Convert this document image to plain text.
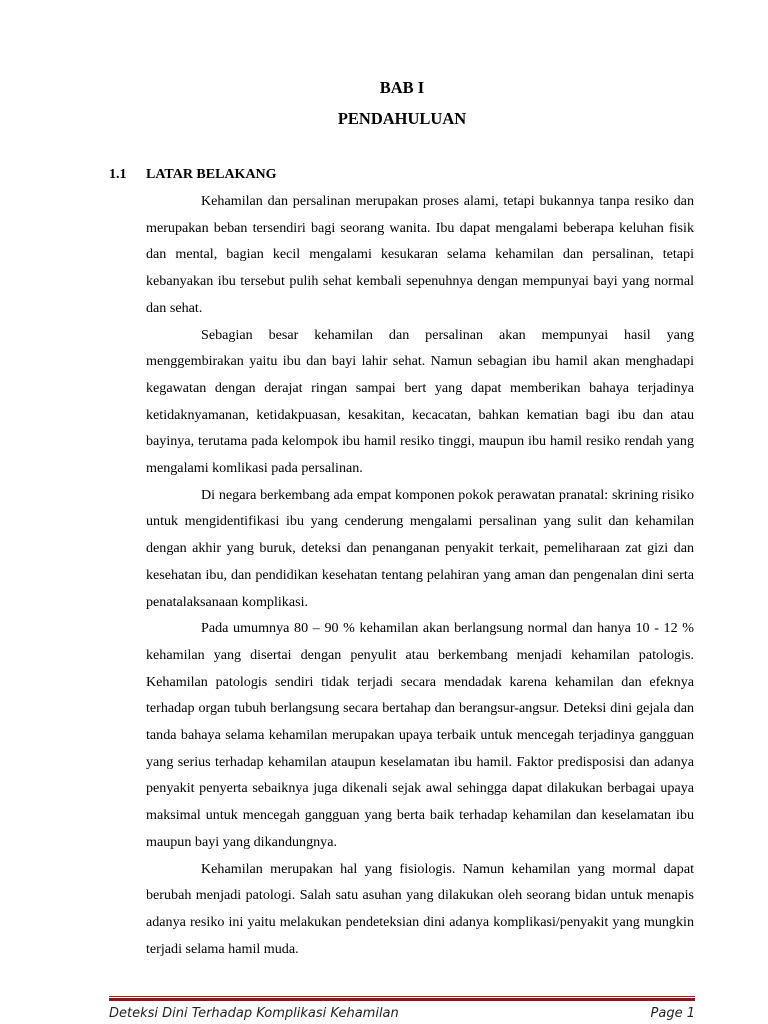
BAB I
PENDAHULUAN
1.1 LATAR BELAKANG

Kehamilan dan persalinan merupakan proses alami, tetapi bukannya tanpa resiko dan merupakan beban tersendiri bagi seorang wanita. Ibu dapat mengalami beberapa keluhan fisik dan mental, bagian kecil mengalami kesukaran selama kehamilan dan persalinan, tetapi kebanyakan ibu tersebut pulih sehat kembali sepenuhnya dengan mempunyai bayi yang normal dan sehat.

Sebagian besar kehamilan dan persalinan akan mempunyai hasil yang menggembirakan yaitu ibu dan bayi lahir sehat. Namun sebagian ibu hamil akan menghadapi kegawatan dengan derajat ringan sampai bert yang dapat memberikan bahaya terjadinya ketidaknyamanan, ketidakpuasan, kesakitan, kecacatan, bahkan kematian bagi ibu dan atau bayinya, terutama pada kelompok ibu hamil resiko tinggi, maupun ibu hamil resiko rendah yang mengalami komlikasi pada persalinan.

Di negara berkembang ada empat komponen pokok perawatan pranatal: skrining risiko untuk mengidentifikasi ibu yang cenderung mengalami persalinan yang sulit dan kehamilan dengan akhir yang buruk, deteksi dan penanganan penyakit terkait, pemeliharaan zat gizi dan kesehatan ibu, dan pendidikan kesehatan tentang pelahiran yang aman dan pengenalan dini serta penatalaksanaan komplikasi.

Pada umumnya 80 – 90 % kehamilan akan berlangsung normal dan hanya 10 - 12 % kehamilan yang disertai dengan penyulit atau berkembang menjadi kehamilan patologis. Kehamilan patologis sendiri tidak terjadi secara mendadak karena kehamilan dan efeknya terhadap organ tubuh berlangsung secara bertahap dan berangsur-angsur. Deteksi dini gejala dan tanda bahaya selama kehamilan merupakan upaya terbaik untuk mencegah terjadinya gangguan yang serius terhadap kehamilan ataupun keselamatan ibu hamil. Faktor predisposisi dan adanya penyakit penyerta sebaiknya juga dikenali sejak awal sehingga dapat dilakukan berbagai upaya maksimal untuk mencegah gangguan yang berta baik terhadap kehamilan dan keselamatan ibu maupun bayi yang dikandungnya.

Kehamilan merupakan hal yang fisiologis. Namun kehamilan yang mormal dapat berubah menjadi patologi. Salah satu asuhan yang dilakukan oleh seorang bidan untuk menapis adanya resiko ini yaitu melakukan pendeteksian dini adanya komplikasi/penyakit yang mungkin terjadi selama hamil muda.

Deteksi Dini Terhadap Komplikasi Kehamilan	Page 1
